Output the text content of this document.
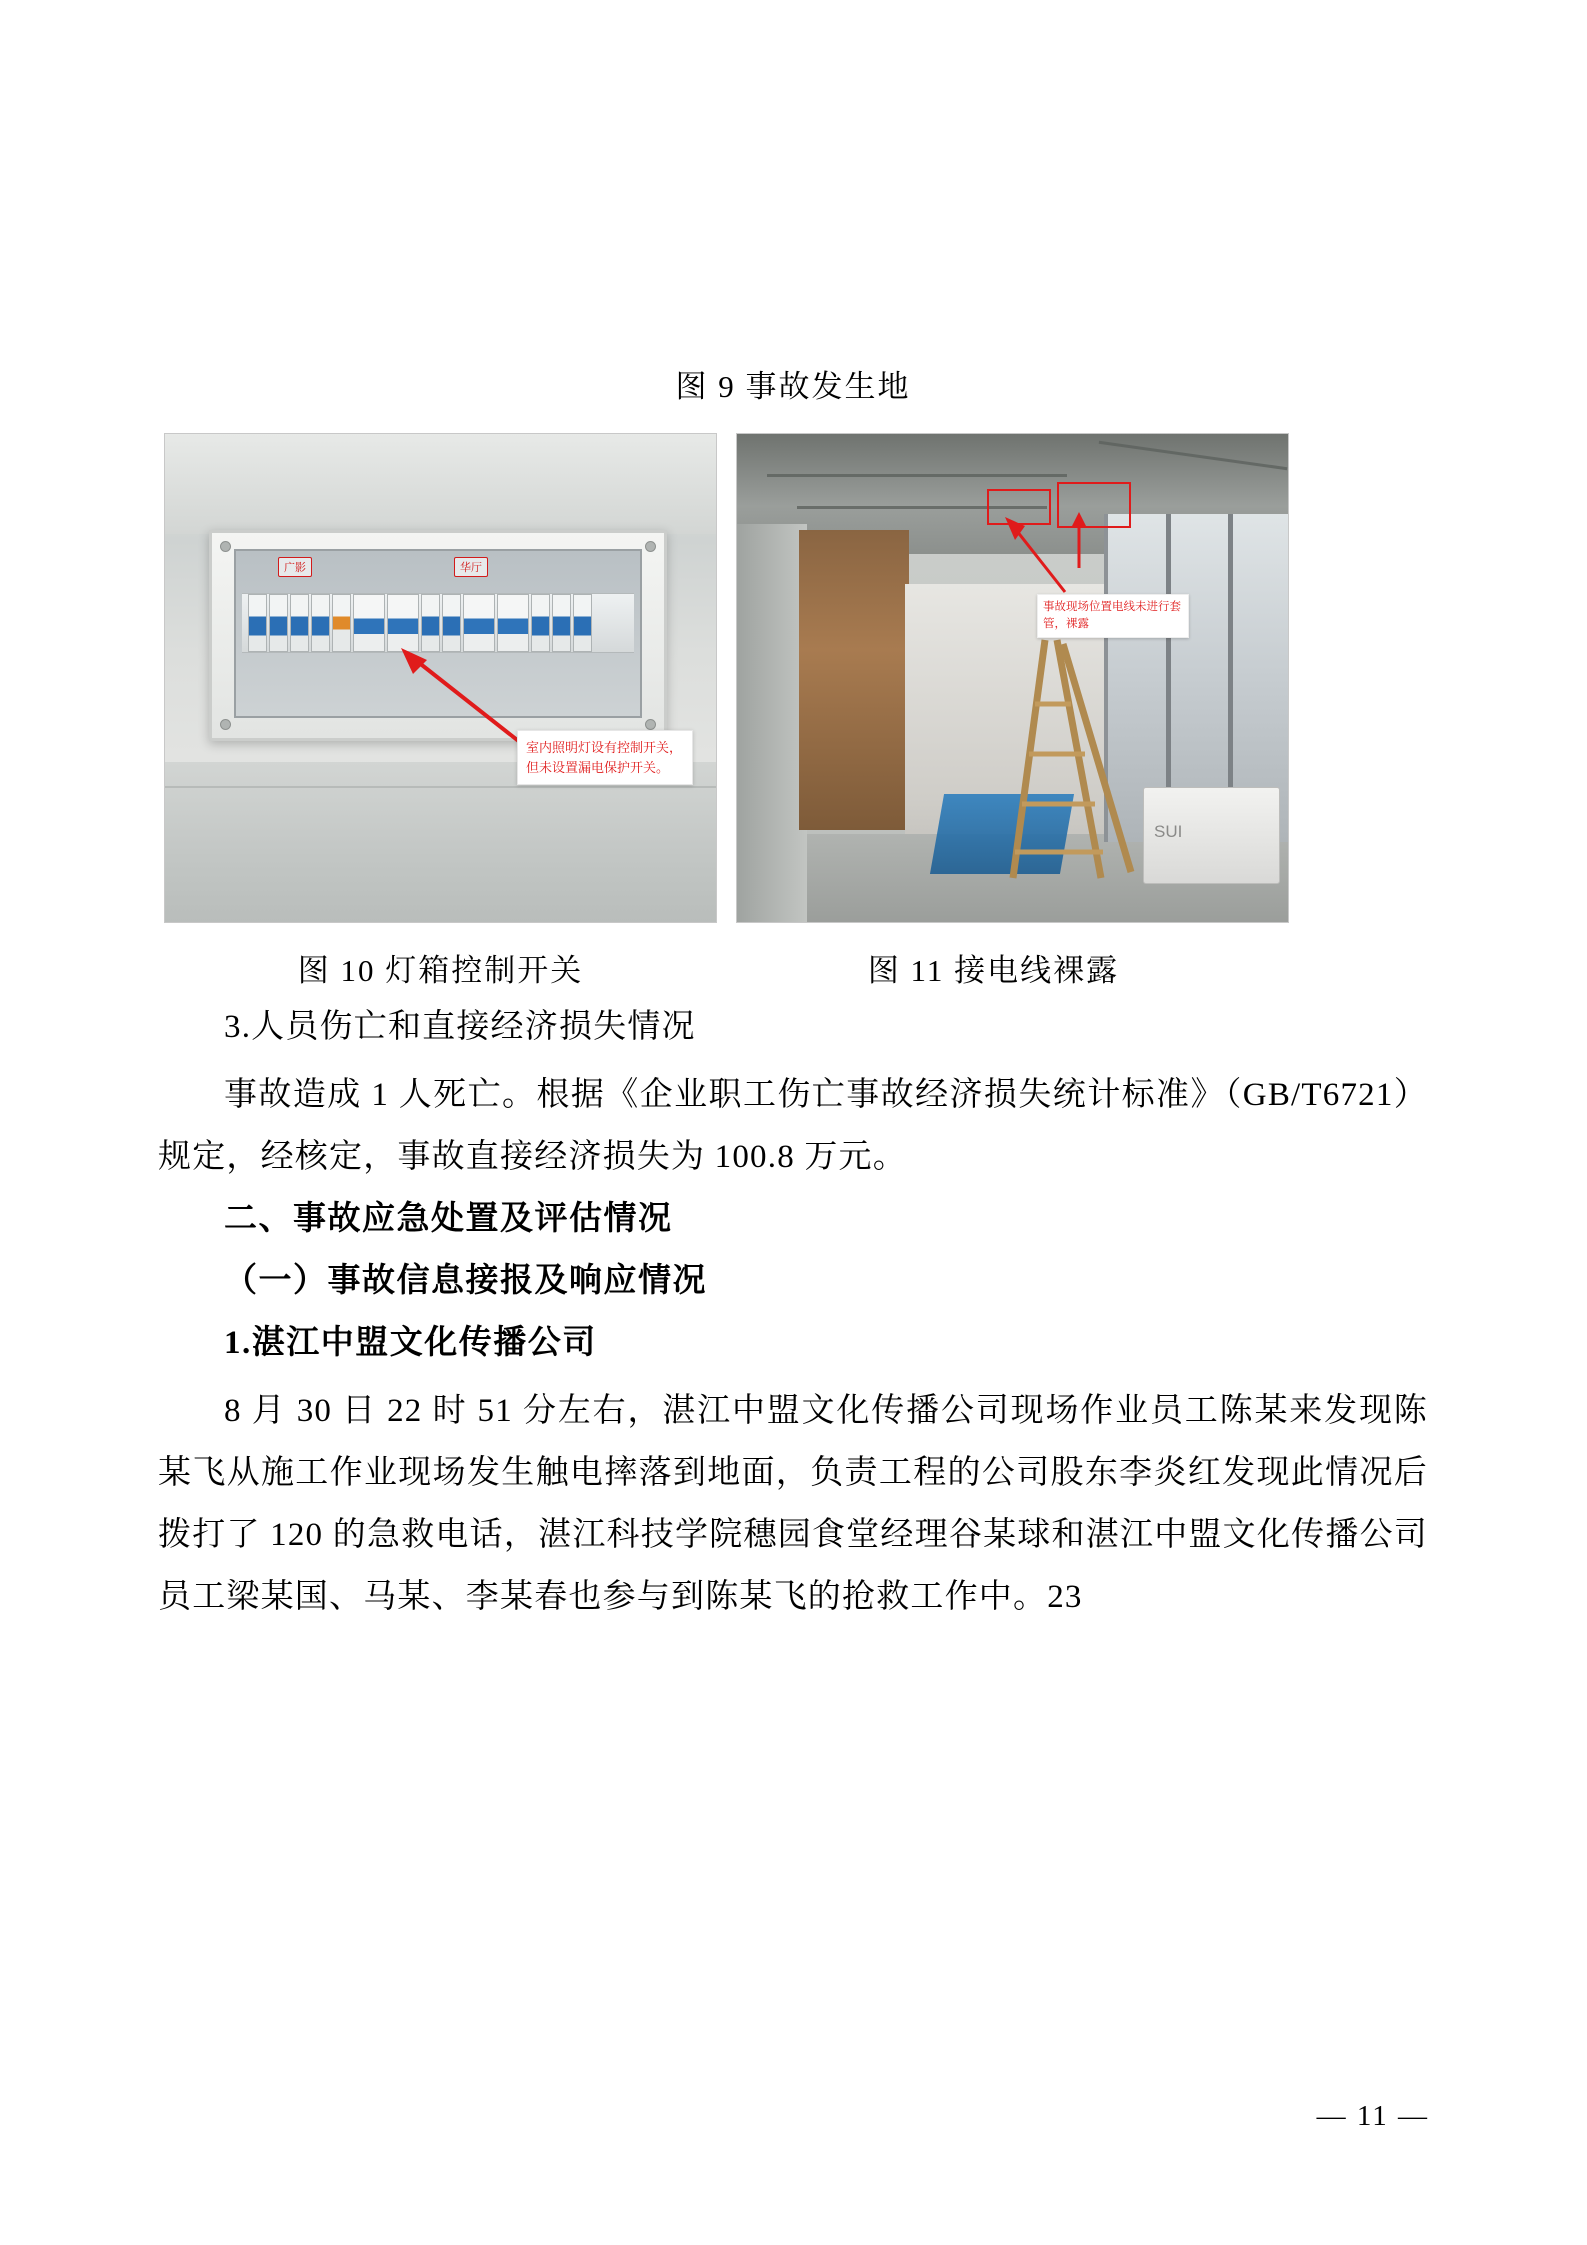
图 9 事故发生地
广影	华厅
室内照明灯设有控制开关，但未设置漏电保护开关。
SUI
事故现场位置电线未进行套管，裸露
图 10 灯箱控制开关	图 11 接电线裸露
3.人员伤亡和直接经济损失情况
事故造成 1 人死亡。根据《企业职工伤亡事故经济损失统计标准》（GB/T6721）规定，经核定，事故直接经济损失为 100.8 万元。
二、事故应急处置及评估情况
（一）事故信息接报及响应情况
1.湛江中盟文化传播公司
8 月 30 日 22 时 51 分左右，湛江中盟文化传播公司现场作业员工陈某来发现陈某飞从施工作业现场发生触电摔落到地面，负责工程的公司股东李炎红发现此情况后拨打了 120 的急救电话，湛江科技学院穗园食堂经理谷某球和湛江中盟文化传播公司员工梁某国、马某、李某春也参与到陈某飞的抢救工作中。23
— 11 —
